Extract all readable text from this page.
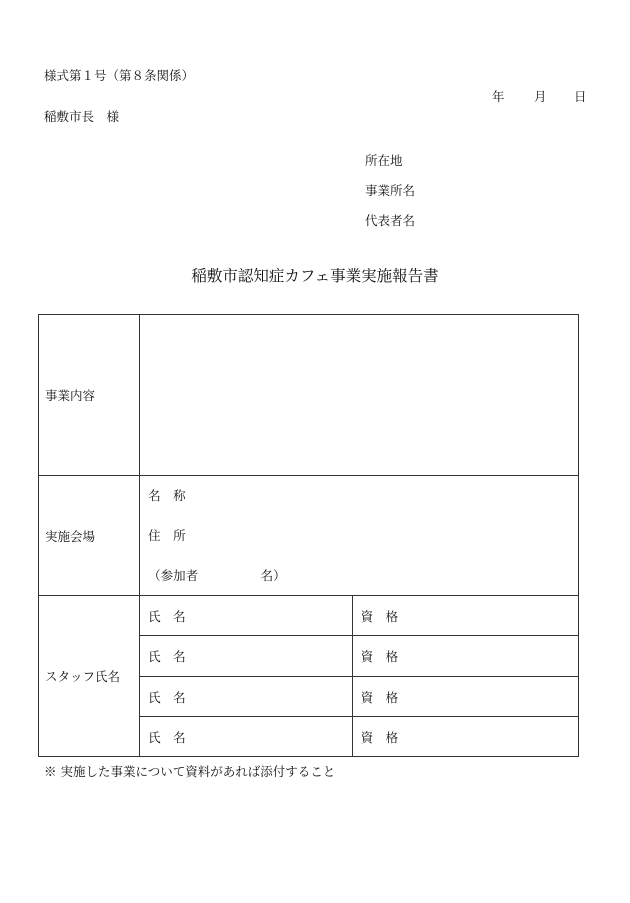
様式第１号（第８条関係）
年 月 日
稲敷市長　様
所在地
事業所名
代表者名
稲敷市認知症カフェ事業実施報告書
事業内容		
実施会場	名　称
住　所
（参加者　　　　　名）	

スタッフ氏名	氏　名	資　格
	氏　名	資　格
	氏　名	資　格
	氏　名	資　格
※ 実施した事業について資料があれば添付すること
